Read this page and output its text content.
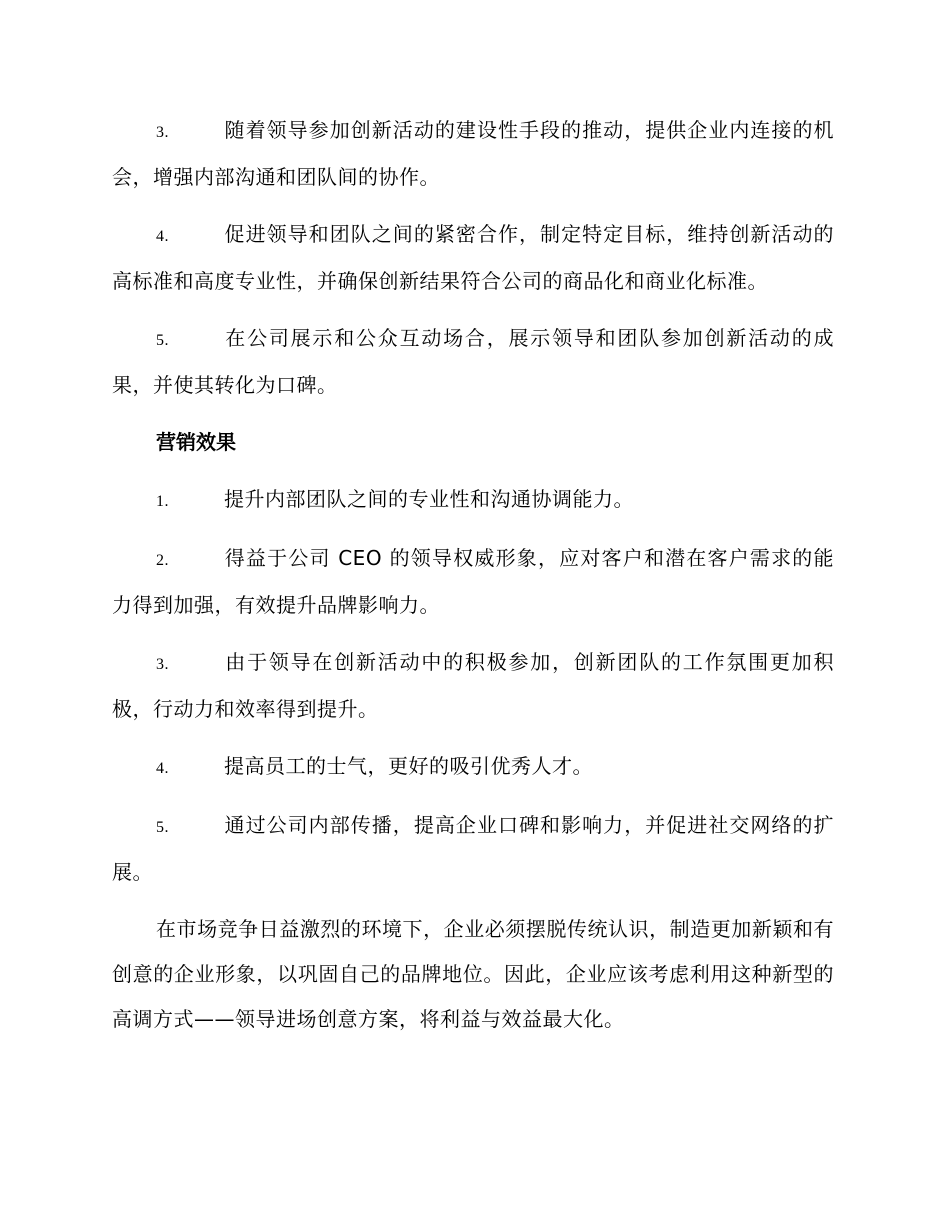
3.	随着领导参加创新活动的建设性手段的推动，提供企业内连接的机会，增强内部沟通和团队间的协作。
4.	促进领导和团队之间的紧密合作，制定特定目标，维持创新活动的高标准和高度专业性，并确保创新结果符合公司的商品化和商业化标准。
5.	在公司展示和公众互动场合，展示领导和团队参加创新活动的成果，并使其转化为口碑。
营销效果
1.	提升内部团队之间的专业性和沟通协调能力。
2.	得益于公司 CEO 的领导权威形象，应对客户和潜在客户需求的能力得到加强，有效提升品牌影响力。
3.	由于领导在创新活动中的积极参加，创新团队的工作氛围更加积极，行动力和效率得到提升。
4.	提高员工的士气，更好的吸引优秀人才。
5.	通过公司内部传播，提高企业口碑和影响力，并促进社交网络的扩展。

在市场竞争日益激烈的环境下，企业必须摆脱传统认识，制造更加新颖和有创意的企业形象，以巩固自己的品牌地位。因此，企业应该考虑利用这种新型的高调方式——领导进场创意方案，将利益与效益最大化。
